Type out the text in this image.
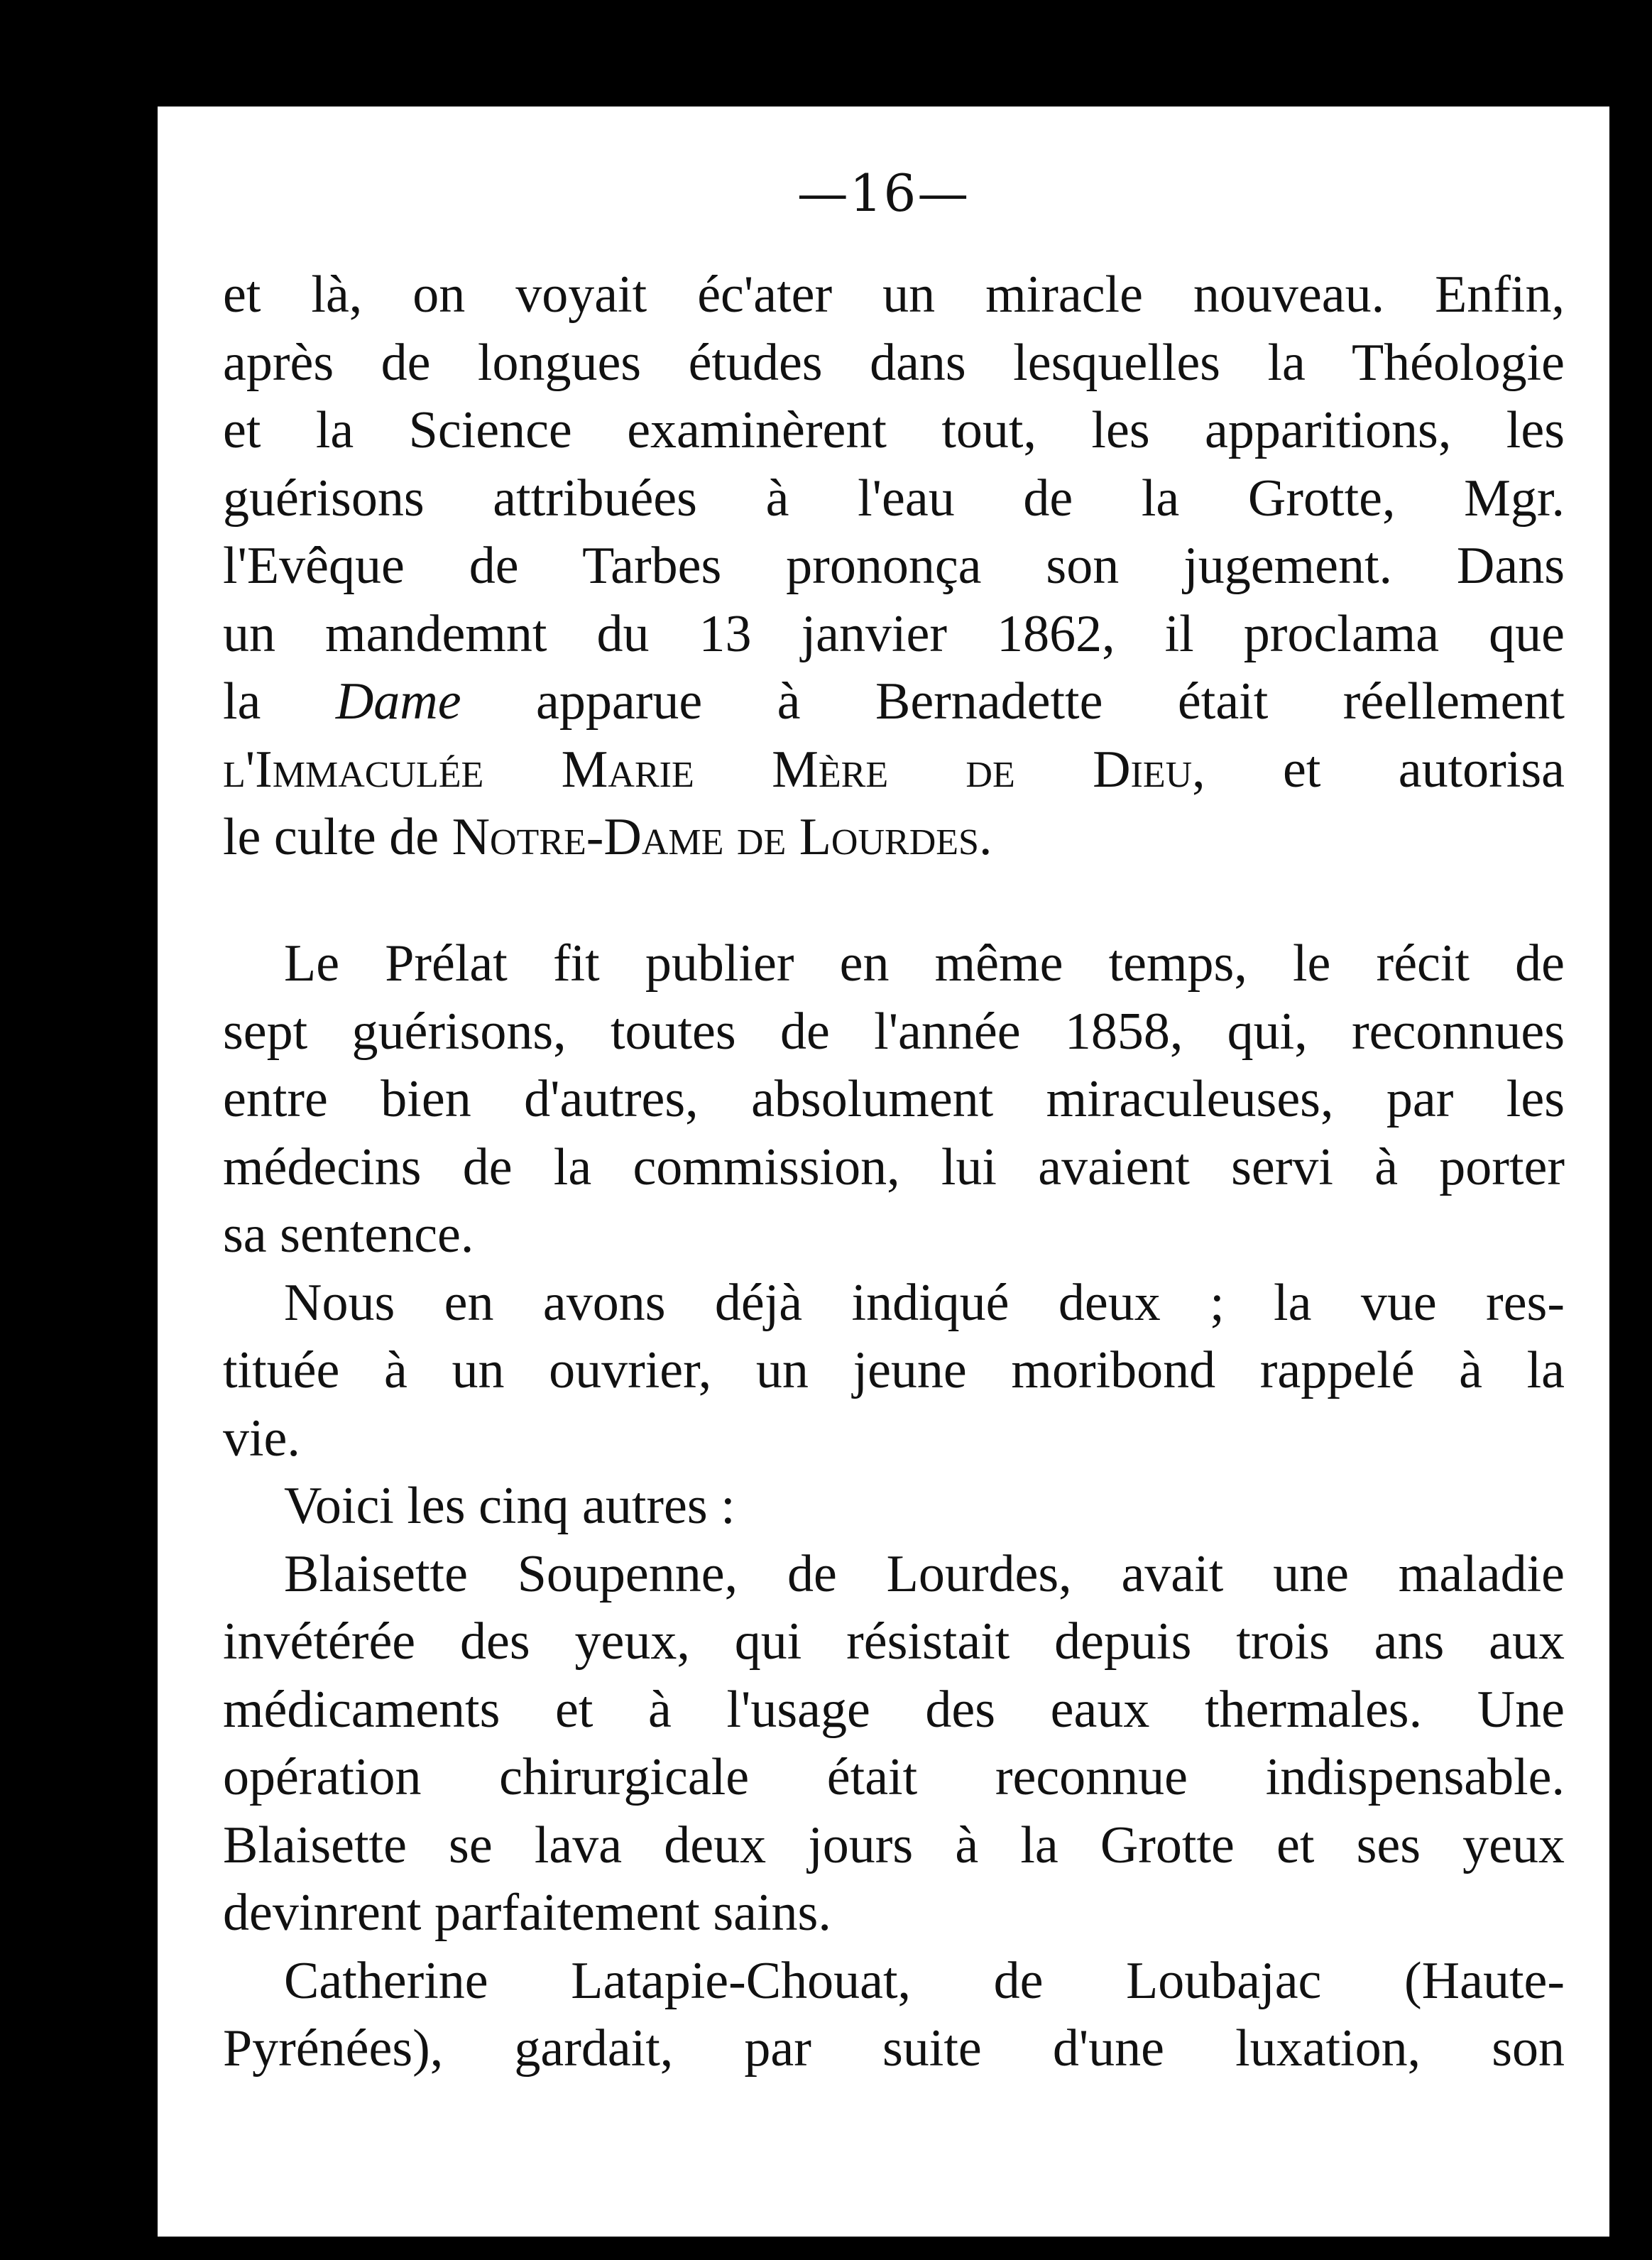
—16—
et là, on voyait éc'ater un miracle nouveau. Enfin,
après de longues études dans lesquelles la Théologie
et la Science examinèrent tout, les apparitions, les
guérisons attribuées à l'eau de la Grotte, Mgr.
l'Evêque de Tarbes prononça son jugement. Dans
un mandemnt du 13 janvier 1862, il proclama que
la Dame apparue à Bernadette était réellement
l'Immaculée Marie Mère de Dieu, et autorisa
le culte de Notre-Dame de Lourdes.
Le Prélat fit publier en même temps, le récit de
sept guérisons, toutes de l'année 1858, qui, reconnues
entre bien d'autres, absolument miraculeuses, par les
médecins de la commission, lui avaient servi à porter
sa sentence.
Nous en avons déjà indiqué deux ; la vue res-
tituée à un ouvrier, un jeune moribond rappelé à la
vie.
Voici les cinq autres :
Blaisette Soupenne, de Lourdes, avait une maladie
invétérée des yeux, qui résistait depuis trois ans aux
médicaments et à l'usage des eaux thermales. Une
opération chirurgicale était reconnue indispensable.
Blaisette se lava deux jours à la Grotte et ses yeux
devinrent parfaitement sains.
Catherine Latapie-Chouat, de Loubajac (Haute-
Pyrénées), gardait, par suite d'une luxation, son
